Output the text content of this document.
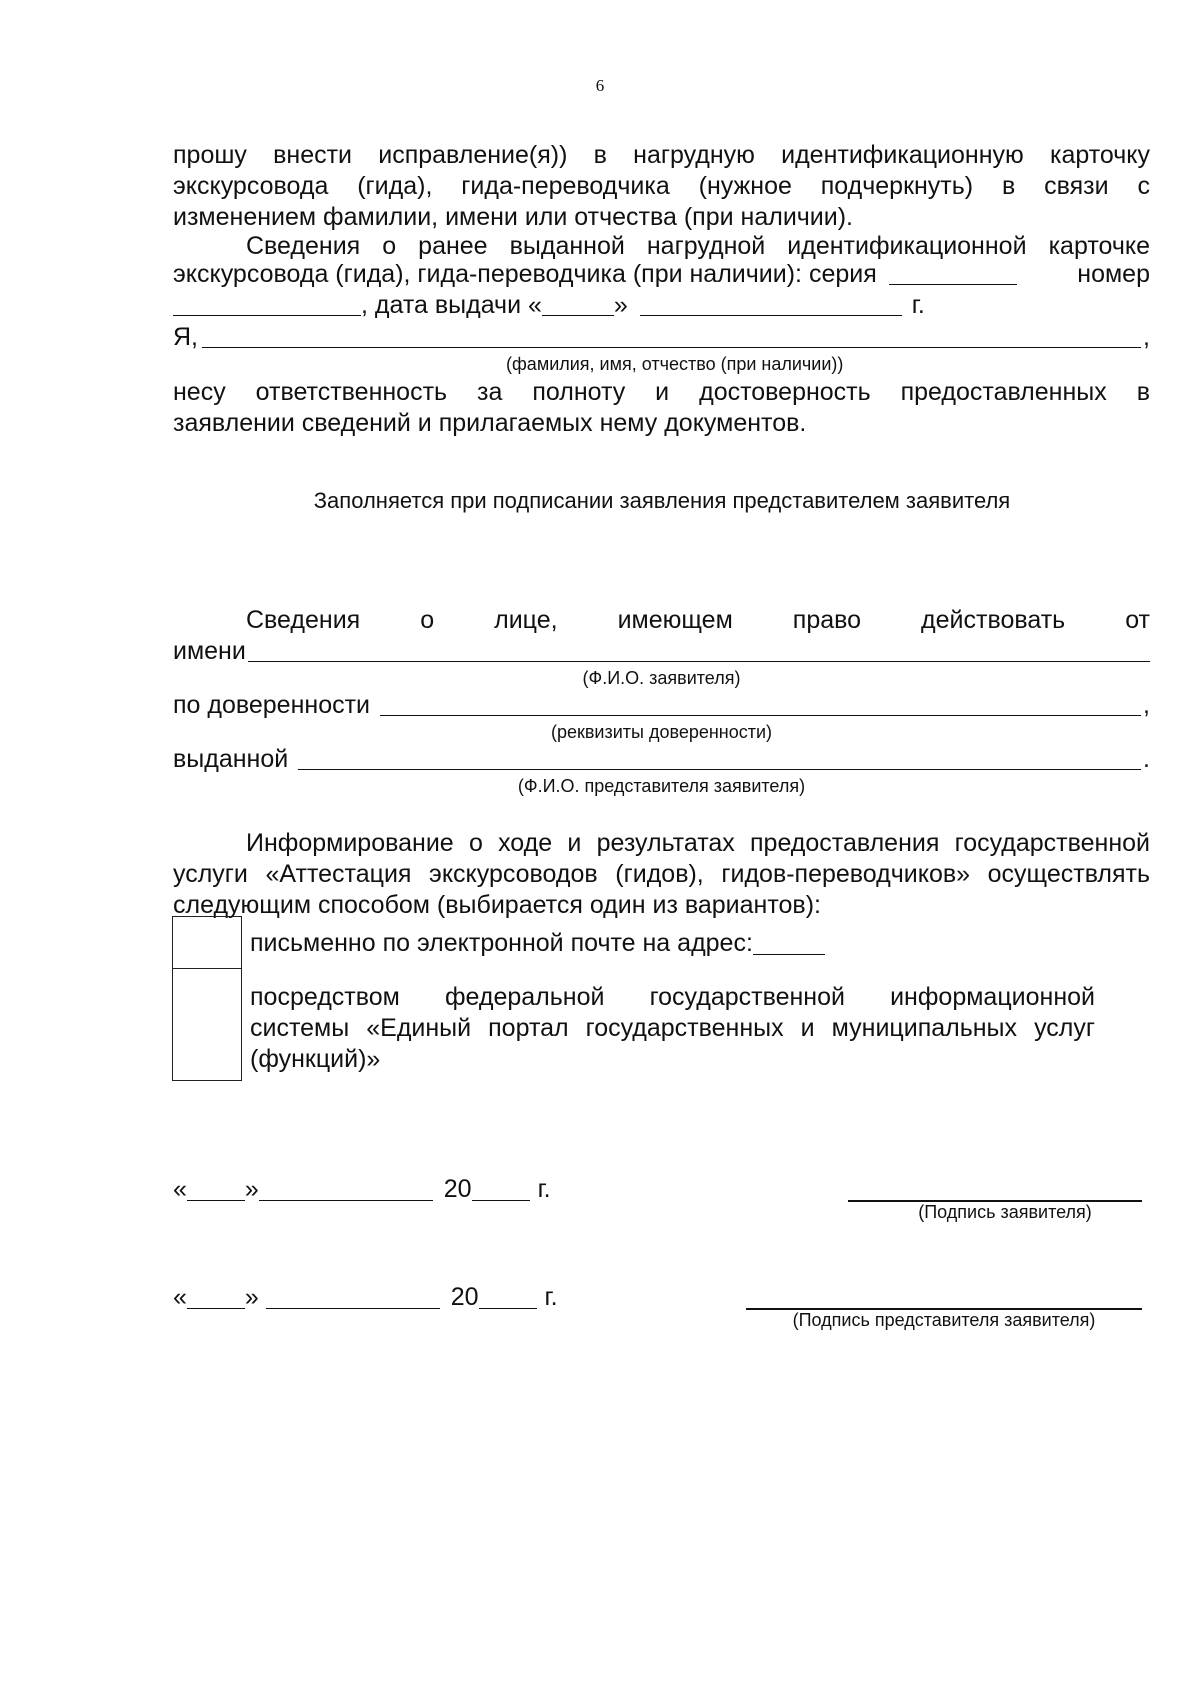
6
прошу внести исправление(я)) в нагрудную идентификационную карточку
экскурсовода (гида), гида-переводчика (нужное подчеркнуть) в связи с
изменением фамилии, имени или отчества (при наличии).
Сведения о ранее выданной нагрудной идентификационной карточке
экскурсовода (гида), гида-переводчика (при наличии): серия	номер
, дата выдачи «	»	г.
Я,	,
(фамилия, имя, отчество (при наличии))
несу ответственность за полноту и достоверность предоставленных в
заявлении сведений и прилагаемых нему документов.
Заполняется при подписании заявления представителем заявителя
Сведения о лице, имеющем право действовать от
имени
(Ф.И.О. заявителя)
по доверенности	,
(реквизиты доверенности)
выданной	.
(Ф.И.О. представителя заявителя)
Информирование о ходе и результатах предоставления государственной
услуги «Аттестация экскурсоводов (гидов), гидов-переводчиков» осуществлять
следующим способом (выбирается один из вариантов):
письменно по электронной почте на адрес:
посредством федеральной государственной информационной
системы «Единый портал государственных и муниципальных услуг
(функций)»
« »	20	г.
(Подпись заявителя)
« »	20	г.
(Подпись представителя заявителя)
